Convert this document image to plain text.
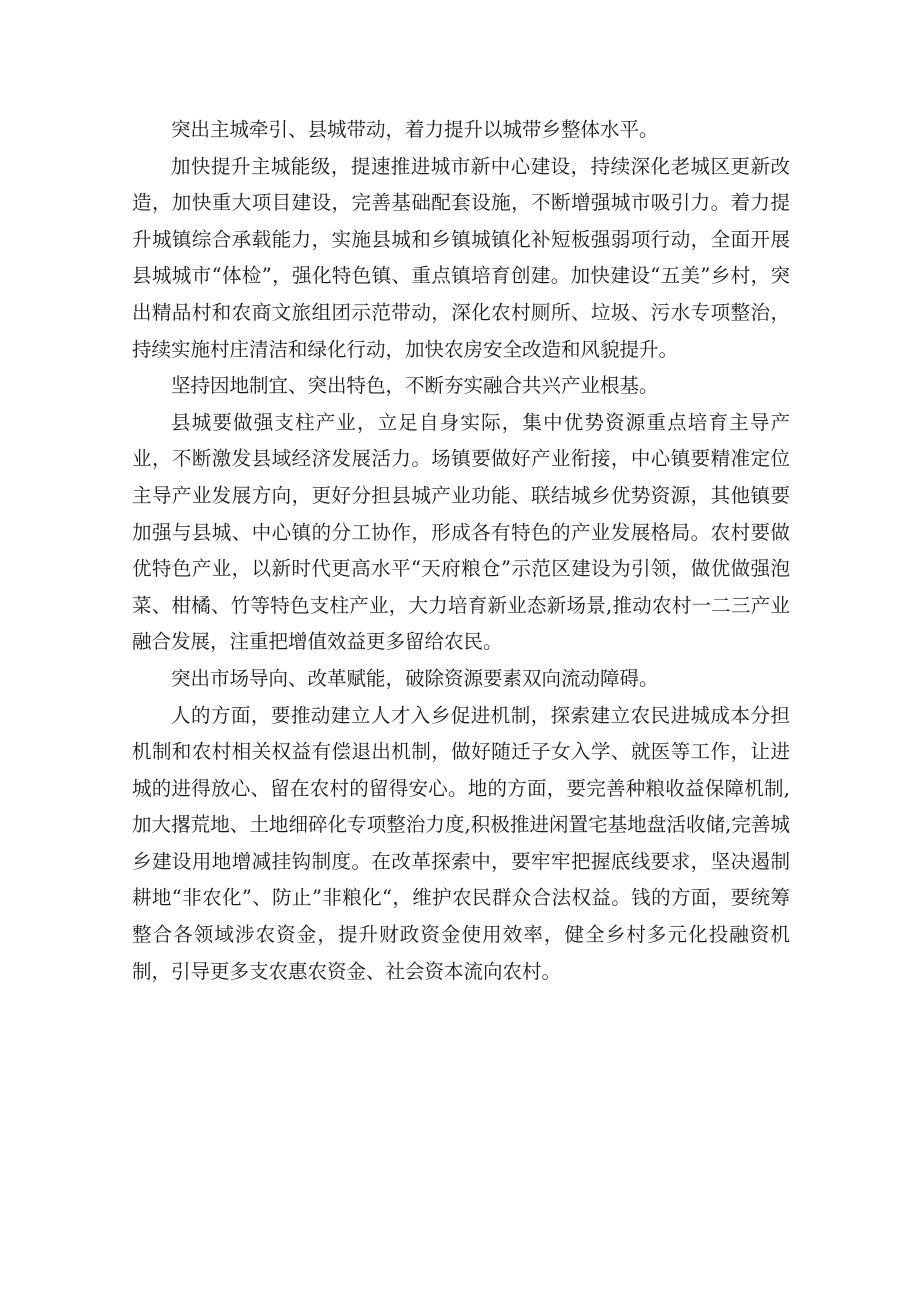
突出主城牵引、县城带动，着力提升以城带乡整体水平。

加快提升主城能级，提速推进城市新中心建设，持续深化老城区更新改造，加快重大项目建设，完善基础配套设施，不断增强城市吸引力。着力提升城镇综合承载能力，实施县城和乡镇城镇化补短板强弱项行动，全面开展县城城市“体检”，强化特色镇、重点镇培育创建。加快建设“五美”乡村，突出精品村和农商文旅组团示范带动，深化农村厕所、垃圾、污水专项整治，持续实施村庄清洁和绿化行动，加快农房安全改造和风貌提升。

坚持因地制宜、突出特色，不断夯实融合共兴产业根基。

县城要做强支柱产业，立足自身实际，集中优势资源重点培育主导产业，不断激发县域经济发展活力。场镇要做好产业衔接，中心镇要精准定位主导产业发展方向，更好分担县城产业功能、联结城乡优势资源，其他镇要加强与县城、中心镇的分工协作，形成各有特色的产业发展格局。农村要做优特色产业，以新时代更高水平“天府粮仓”示范区建设为引领，做优做强泡菜、柑橘、竹等特色支柱产业，大力培育新业态新场景,推动农村一二三产业融合发展，注重把增值效益更多留给农民。

突出市场导向、改革赋能，破除资源要素双向流动障碍。

人的方面，要推动建立人才入乡促进机制，探索建立农民进城成本分担机制和农村相关权益有偿退出机制，做好随迁子女入学、就医等工作，让进城的进得放心、留在农村的留得安心。地的方面，要完善种粮收益保障机制,加大撂荒地、土地细碎化专项整治力度,积极推进闲置宅基地盘活收储,完善城乡建设用地增减挂钩制度。在改革探索中，要牢牢把握底线要求，坚决遏制耕地“非农化”、防止”非粮化“，维护农民群众合法权益。钱的方面，要统筹整合各领域涉农资金，提升财政资金使用效率，健全乡村多元化投融资机制，引导更多支农惠农资金、社会资本流向农村。
